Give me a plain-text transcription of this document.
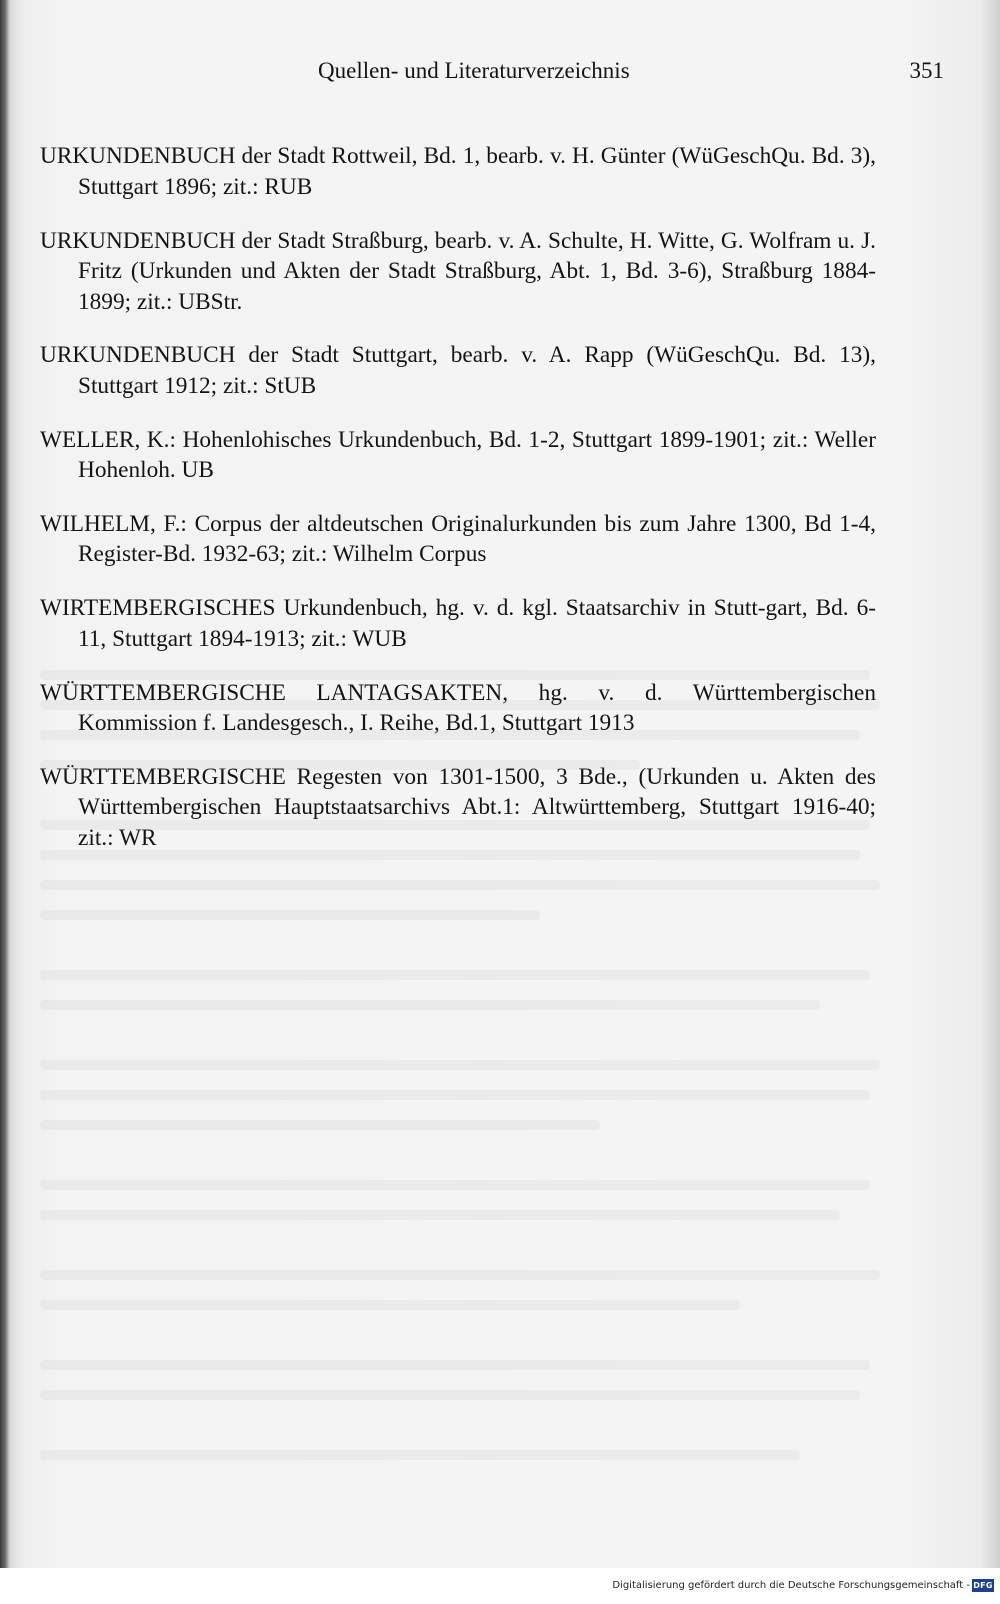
Quellen- und Literaturverzeichnis	351

URKUNDENBUCH der Stadt Rottweil, Bd. 1, bearb. v. H. Günter (WüGeschQu. Bd. 3), Stuttgart 1896; zit.: RUB

URKUNDENBUCH der Stadt Straßburg, bearb. v. A. Schulte, H. Witte, G. Wolfram u. J. Fritz (Urkunden und Akten der Stadt Straßburg, Abt. 1, Bd. 3-6), Straßburg 1884-1899; zit.: UBStr.

URKUNDENBUCH der Stadt Stuttgart, bearb. v. A. Rapp (WüGeschQu. Bd. 13), Stuttgart 1912; zit.: StUB

WELLER, K.: Hohenlohisches Urkundenbuch, Bd. 1-2, Stuttgart 1899-1901; zit.: Weller Hohenloh. UB

WILHELM, F.: Corpus der altdeutschen Originalurkunden bis zum Jahre 1300, Bd 1-4, Register-Bd. 1932-63; zit.: Wilhelm Corpus

WIRTEMBERGISCHES Urkundenbuch, hg. v. d. kgl. Staatsarchiv in Stutt-gart, Bd. 6-11, Stuttgart 1894-1913; zit.: WUB

WÜRTTEMBERGISCHE LANTAGSAKTEN, hg. v. d. Württembergischen Kommission f. Landesgesch., I. Reihe, Bd.1, Stuttgart 1913

WÜRTTEMBERGISCHE Regesten von 1301-1500, 3 Bde., (Urkunden u. Akten des Württembergischen Hauptstaatsarchivs Abt.1: Altwürttemberg, Stuttgart 1916-40; zit.: WR

Digitalisierung gefördert durch die Deutsche Forschungsgemeinschaft - DFG
